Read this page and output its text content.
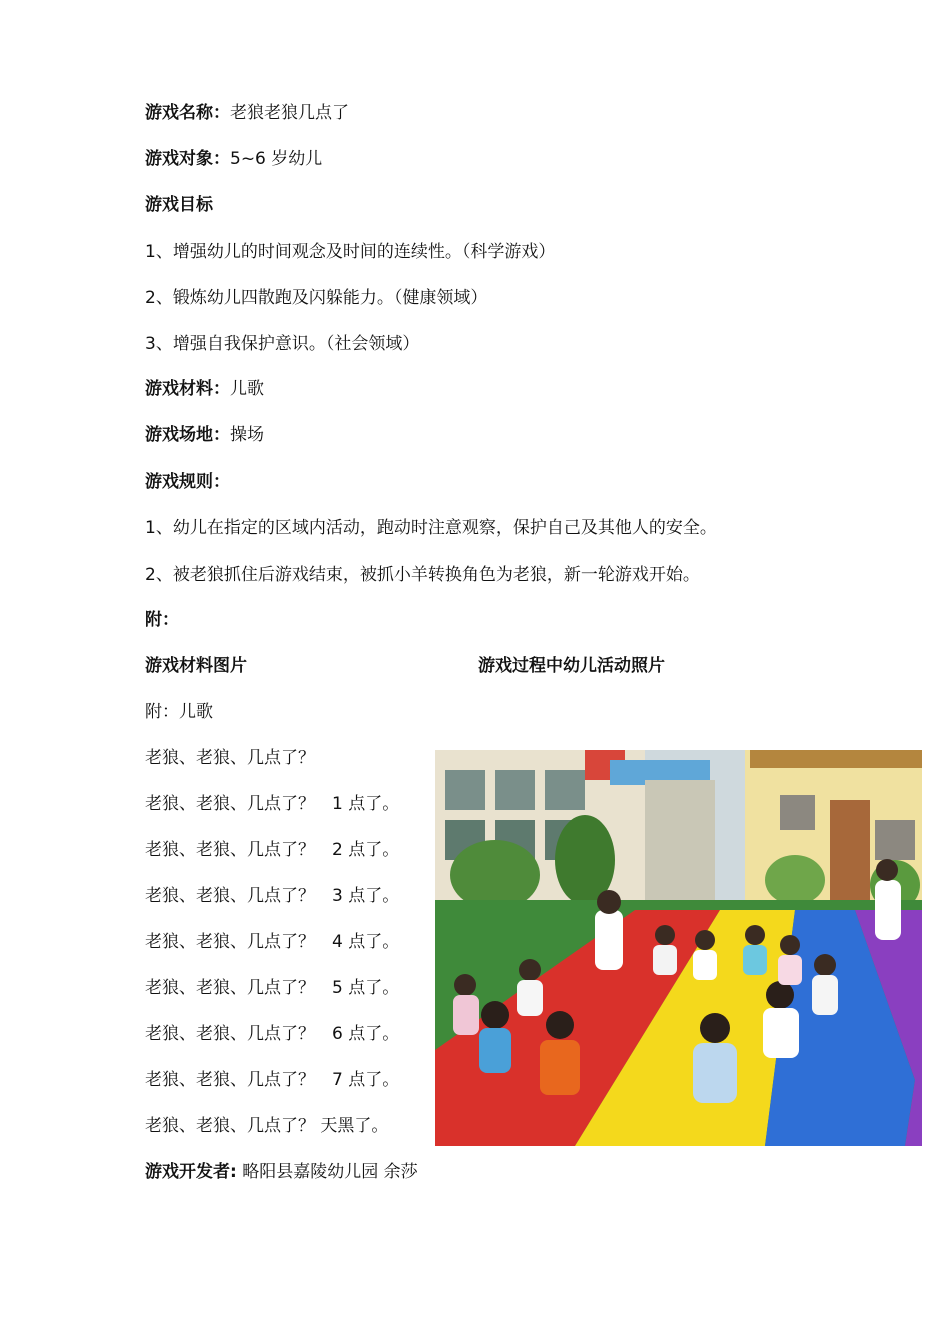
游戏名称：老狼老狼几点了
游戏对象：5~6 岁幼儿
游戏目标
1、增强幼儿的时间观念及时间的连续性。（科学游戏）
2、锻炼幼儿四散跑及闪躲能力。（健康领域）
3、增强自我保护意识。（社会领域）
游戏材料：儿歌
游戏场地：操场
游戏规则：
1、幼儿在指定的区域内活动，跑动时注意观察，保护自己及其他人的安全。
2、被老狼抓住后游戏结束，被抓小羊转换角色为老狼，新一轮游戏开始。
附：
游戏材料图片	游戏过程中幼儿活动照片
附：儿歌
老狼、老狼、几点了？
老狼、老狼、几点了？　1 点了。
老狼、老狼、几点了？　2 点了。
老狼、老狼、几点了？　3 点了。
老狼、老狼、几点了？　4 点了。
老狼、老狼、几点了？　5 点了。
老狼、老狼、几点了？　6 点了。
老狼、老狼、几点了？　7 点了。
老狼、老狼、几点了？ 天黑了。
游戏开发者: 略阳县嘉陵幼儿园 余莎
